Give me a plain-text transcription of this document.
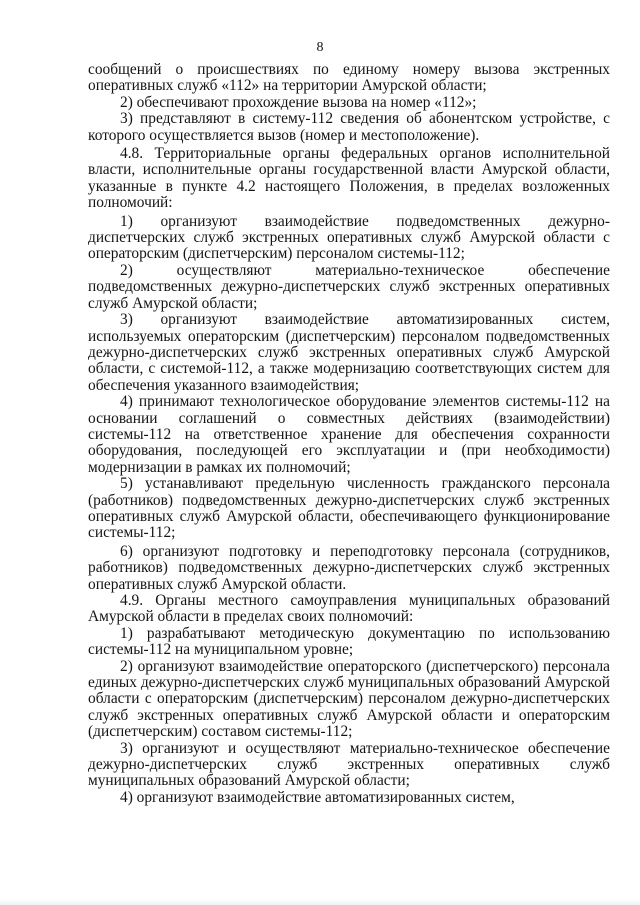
8

сообщений о происшествиях по единому номеру вызова экстренных оперативных служб «112» на территории Амурской области;

2) обеспечивают прохождение вызова на номер «112»;

3) представляют в систему-112 сведения об абонентском устройстве, с которого осуществляется вызов (номер и местоположение).

4.8. Территориальные органы федеральных органов исполнительной власти, исполнительные органы государственной власти Амурской области, указанные в пункте 4.2 настоящего Положения, в пределах возложенных полномочий:

1) организуют взаимодействие подведомственных дежурно-диспетчерских служб экстренных оперативных служб Амурской области с операторским (диспетчерским) персоналом системы-112;

2) осуществляют материально-техническое обеспечение подведомственных дежурно-диспетчерских служб экстренных оперативных служб Амурской области;

3) организуют взаимодействие автоматизированных систем, используемых операторским (диспетчерским) персоналом подведомственных дежурно-диспетчерских служб экстренных оперативных служб Амурской области, с системой-112, а также модернизацию соответствующих систем для обеспечения указанного взаимодействия;

4) принимают технологическое оборудование элементов системы-112 на основании соглашений о совместных действиях (взаимодействии) системы-112 на ответственное хранение для обеспечения сохранности оборудования, последующей его эксплуатации и (при необходимости) модернизации в рамках их полномочий;

5) устанавливают предельную численность гражданского персонала (работников) подведомственных дежурно-диспетчерских служб экстренных оперативных служб Амурской области, обеспечивающего функционирование системы-112;

6) организуют подготовку и переподготовку персонала (сотрудников, работников) подведомственных дежурно-диспетчерских служб экстренных оперативных служб Амурской области.

4.9. Органы местного самоуправления муниципальных образований Амурской области в пределах своих полномочий:

1) разрабатывают методическую документацию по использованию системы-112 на муниципальном уровне;

2) организуют взаимодействие операторского (диспетчерского) персонала единых дежурно-диспетчерских служб муниципальных образований Амурской области с операторским (диспетчерским) персоналом дежурно-диспетчерских служб экстренных оперативных служб Амурской области и операторским (диспетчерским) составом системы-112;

3) организуют и осуществляют материально-техническое обеспечение дежурно-диспетчерских служб экстренных оперативных служб муниципальных образований Амурской области;

4) организуют взаимодействие автоматизированных систем,
